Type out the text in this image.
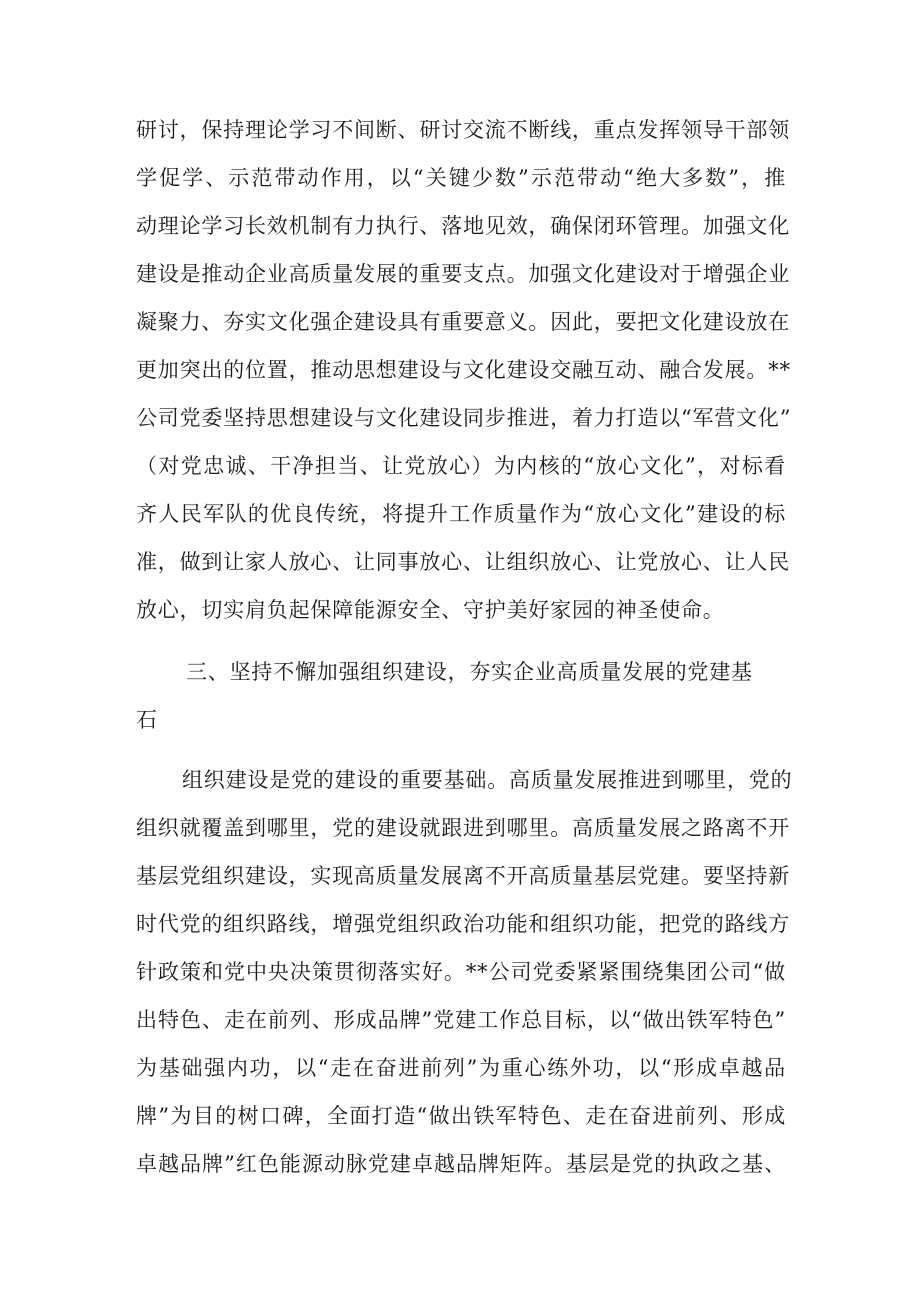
研讨，保持理论学习不间断、研讨交流不断线，重点发挥领导干部领
学促学、示范带动作用，以“关键少数”示范带动“绝大多数”，推
动理论学习长效机制有力执行、落地见效，确保闭环管理。加强文化
建设是推动企业高质量发展的重要支点。加强文化建设对于增强企业
凝聚力、夯实文化强企建设具有重要意义。因此，要把文化建设放在
更加突出的位置，推动思想建设与文化建设交融互动、融合发展。**
公司党委坚持思想建设与文化建设同步推进，着力打造以“军营文化”
（对党忠诚、干净担当、让党放心）为内核的“放心文化”，对标看
齐人民军队的优良传统，将提升工作质量作为“放心文化”建设的标
准，做到让家人放心、让同事放心、让组织放心、让党放心、让人民
放心，切实肩负起保障能源安全、守护美好家园的神圣使命。
三、坚持不懈加强组织建设，夯实企业高质量发展的党建基
石
组织建设是党的建设的重要基础。高质量发展推进到哪里，党的
组织就覆盖到哪里，党的建设就跟进到哪里。高质量发展之路离不开
基层党组织建设，实现高质量发展离不开高质量基层党建。要坚持新
时代党的组织路线，增强党组织政治功能和组织功能，把党的路线方
针政策和党中央决策贯彻落实好。**公司党委紧紧围绕集团公司“做
出特色、走在前列、形成品牌”党建工作总目标，以“做出铁军特色”
为基础强内功，以“走在奋进前列”为重心练外功，以“形成卓越品
牌”为目的树口碑，全面打造“做出铁军特色、走在奋进前列、形成
卓越品牌”红色能源动脉党建卓越品牌矩阵。基层是党的执政之基、
